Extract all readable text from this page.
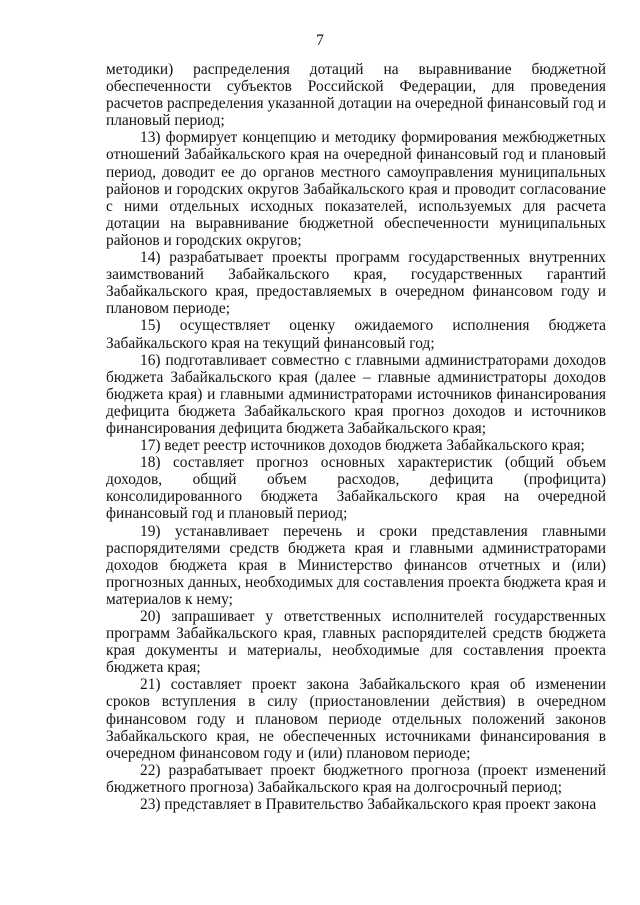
7

методики) распределения дотаций на выравнивание бюджетной обеспеченности субъектов Российской Федерации, для проведения расчетов распределения указанной дотации на очередной финансовый год и плановый период;

13) формирует концепцию и методику формирования межбюджетных отношений Забайкальского края на очередной финансовый год и плановый период, доводит ее до органов местного самоуправления муниципальных районов и городских округов Забайкальского края и проводит согласование с ними отдельных исходных показателей, используемых для расчета дотации на выравнивание бюджетной обеспеченности муниципальных районов и городских округов;

14) разрабатывает проекты программ государственных внутренних заимствований Забайкальского края, государственных гарантий Забайкальского края, предоставляемых в очередном финансовом году и плановом периоде;

15) осуществляет оценку ожидаемого исполнения бюджета Забайкальского края на текущий финансовый год;

16) подготавливает совместно с главными администраторами доходов бюджета Забайкальского края (далее – главные администраторы доходов бюджета края) и главными администраторами источников финансирования дефицита бюджета Забайкальского края прогноз доходов и источников финансирования дефицита бюджета Забайкальского края;

17) ведет реестр источников доходов бюджета Забайкальского края;

18) составляет прогноз основных характеристик (общий объем доходов, общий объем расходов, дефицита (профицита) консолидированного бюджета Забайкальского края на очередной финансовый год и плановый период;

19) устанавливает перечень и сроки представления главными распорядителями средств бюджета края и главными администраторами доходов бюджета края в Министерство финансов отчетных и (или) прогнозных данных, необходимых для составления проекта бюджета края и материалов к нему;

20) запрашивает у ответственных исполнителей государственных программ Забайкальского края, главных распорядителей средств бюджета края документы и материалы, необходимые для составления проекта бюджета края;

21) составляет проект закона Забайкальского края об изменении сроков вступления в силу (приостановлении действия) в очередном финансовом году и плановом периоде отдельных положений законов Забайкальского края, не обеспеченных источниками финансирования в очередном финансовом году и (или) плановом периоде;

22) разрабатывает проект бюджетного прогноза (проект изменений бюджетного прогноза) Забайкальского края на долгосрочный период;

23) представляет в Правительство Забайкальского края проект закона
